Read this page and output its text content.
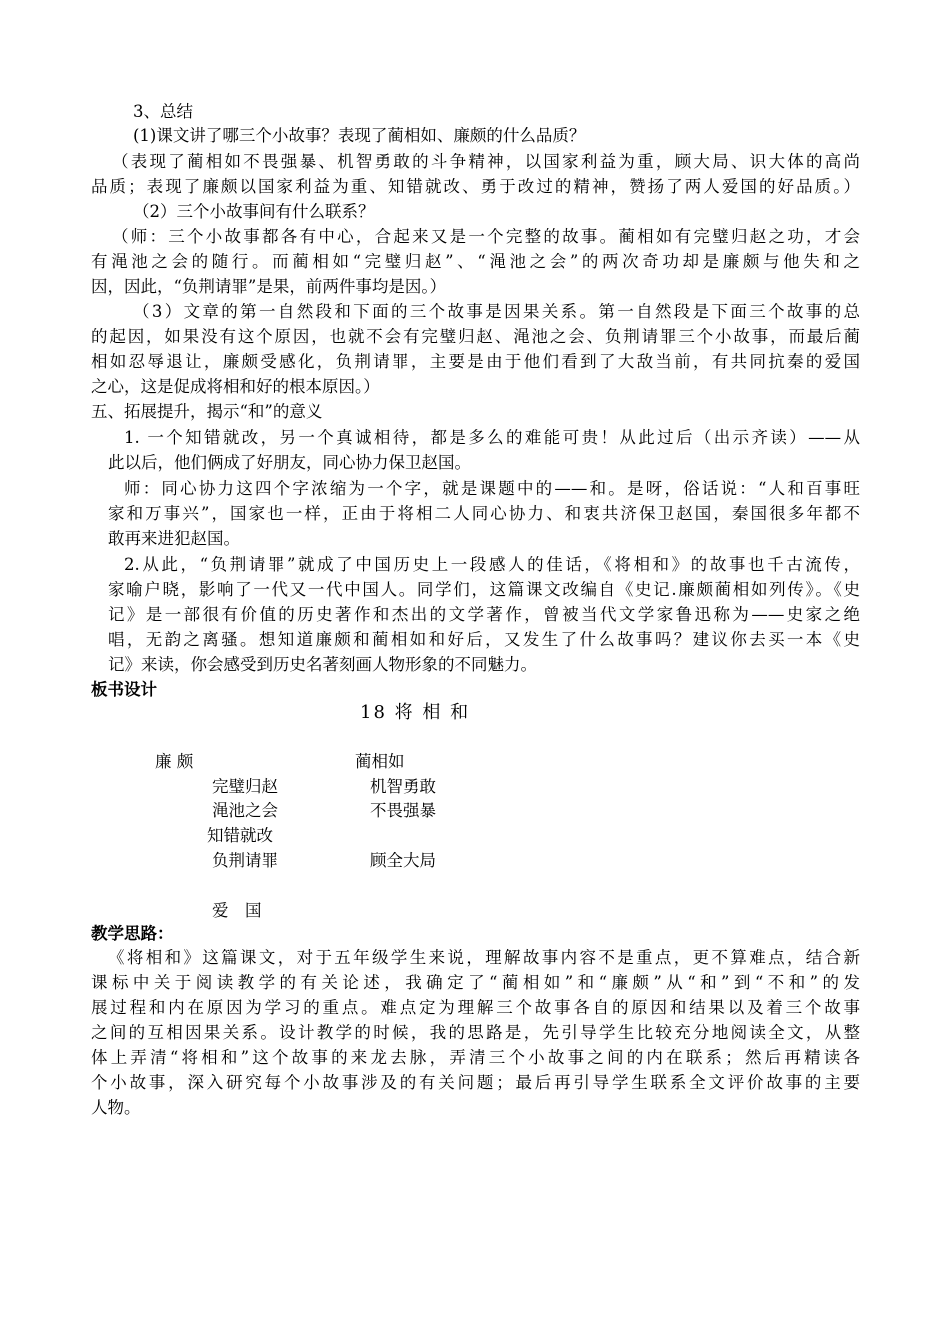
3、总结
(1)课文讲了哪三个小故事？表现了蔺相如、廉颇的什么品质？
（表现了蔺相如不畏强暴、机智勇敢的斗争精神，以国家利益为重，顾大局、识大体的高尚
品质；表现了廉颇以国家利益为重、知错就改、勇于改过的精神，赞扬了两人爱国的好品质。）
（2）三个小故事间有什么联系？
（师：三个小故事都各有中心，合起来又是一个完整的故事。蔺相如有完璧归赵之功，才会
有渑池之会的随行。而蔺相如“完璧归赵”、“渑池之会”的两次奇功却是廉颇与他失和之
因，因此，“负荆请罪”是果，前两件事均是因。）
（3）文章的第一自然段和下面的三个故事是因果关系。第一自然段是下面三个故事的总
的起因，如果没有这个原因，也就不会有完璧归赵、渑池之会、负荆请罪三个小故事，而最后蔺
相如忍辱退让，廉颇受感化，负荆请罪，主要是由于他们看到了大敌当前，有共同抗秦的爱国
之心，这是促成将相和好的根本原因。）
五、拓展提升，揭示“和”的意义
1. 一个知错就改，另一个真诚相待，都是多么的难能可贵！从此过后（出示齐读）——从
此以后，他们俩成了好朋友，同心协力保卫赵国。
师：同心协力这四个字浓缩为一个字，就是课题中的——和。是呀，俗话说：“人和百事旺
家和万事兴”，国家也一样，正由于将相二人同心协力、和衷共济保卫赵国，秦国很多年都不
敢再来进犯赵国。
2.从此，“负荆请罪”就成了中国历史上一段感人的佳话，《将相和》的故事也千古流传，
家喻户晓，影响了一代又一代中国人。同学们，这篇课文改编自《史记.廉颇蔺相如列传》。《史
记》是一部很有价值的历史著作和杰出的文学著作，曾被当代文学家鲁迅称为——史家之绝
唱，无韵之离骚。想知道廉颇和蔺相如和好后，又发生了什么故事吗？建议你去买一本《史
记》来读，你会感受到历史名著刻画人物形象的不同魅力。
板书设计
18 将 相 和
廉 颇	蔺相如
完璧归赵	机智勇敢
渑池之会	不畏强暴
知错就改
负荆请罪	顾全大局
爱　国
教学思路：
《将相和》这篇课文，对于五年级学生来说，理解故事内容不是重点，更不算难点，结合新
课标中关于阅读教学的有关论述，我确定了“蔺相如”和“廉颇”从“和”到“不和”的发
展过程和内在原因为学习的重点。难点定为理解三个故事各自的原因和结果以及着三个故事
之间的互相因果关系。设计教学的时候，我的思路是，先引导学生比较充分地阅读全文，从整
体上弄清“将相和”这个故事的来龙去脉，弄清三个小故事之间的内在联系；然后再精读各
个小故事，深入研究每个小故事涉及的有关问题；最后再引导学生联系全文评价故事的主要
人物。
